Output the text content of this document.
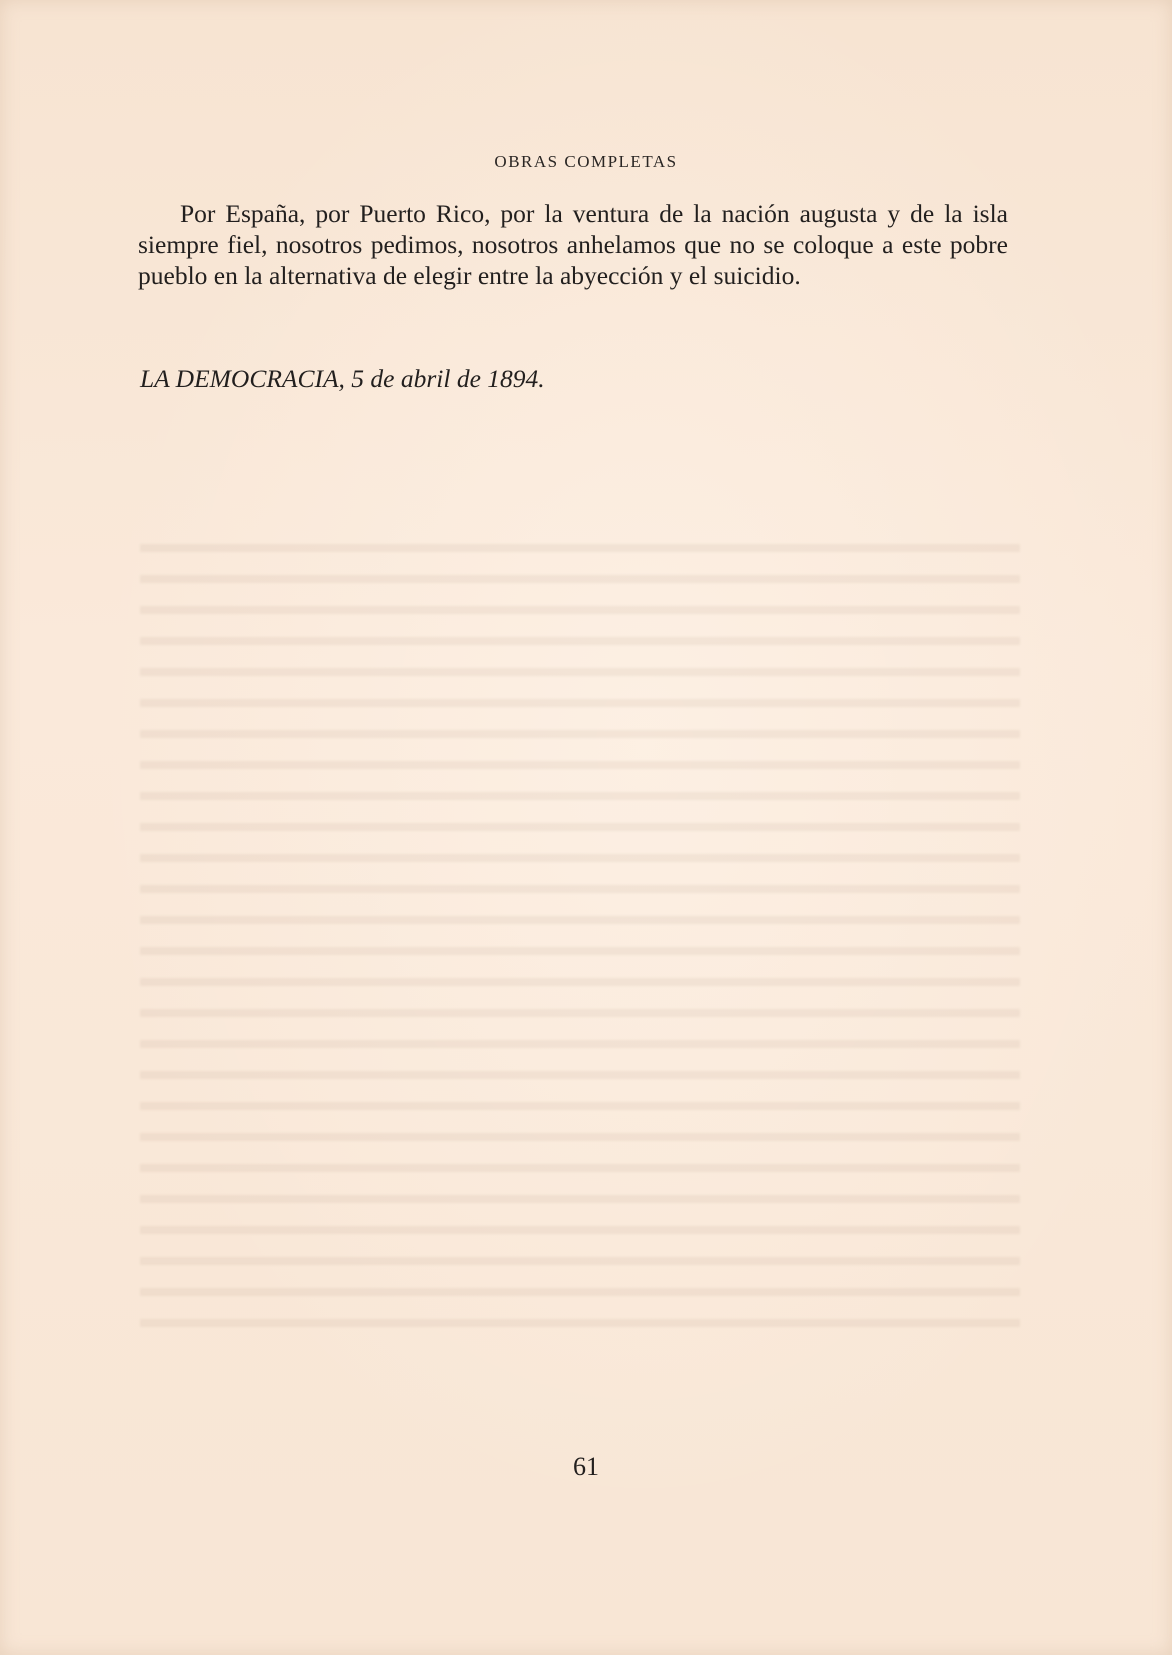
OBRAS COMPLETAS

Por España, por Puerto Rico, por la ventura de la nación augusta y de la isla siempre fiel, nosotros pedimos, nosotros anhelamos que no se coloque a este pobre pueblo en la alternativa de elegir entre la abyección y el suicidio.

LA DEMOCRACIA, 5 de abril de 1894.

61
